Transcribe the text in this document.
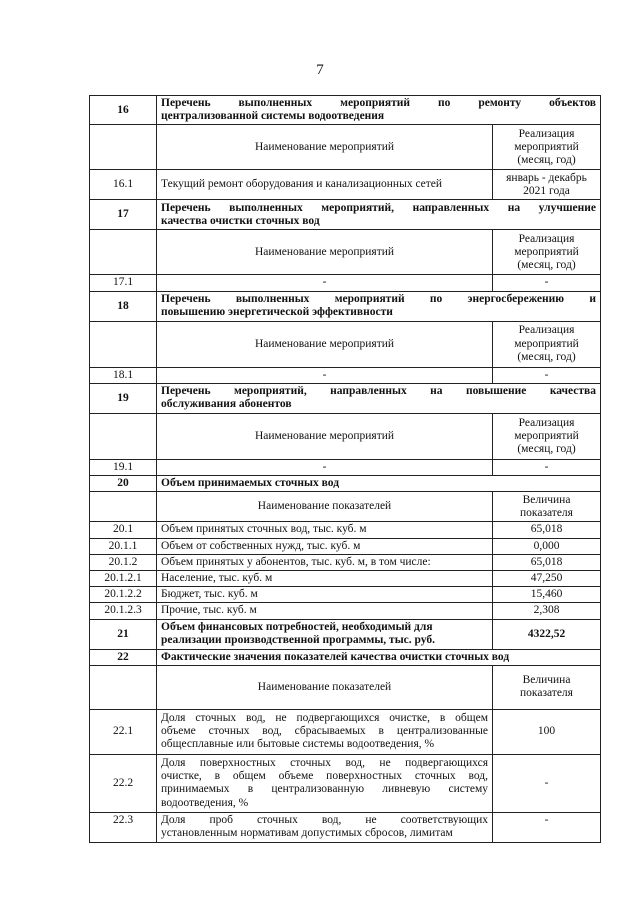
7
16	Перечень выполненных мероприятий по ремонту объектов
централизованной системы водоотведения	

	Наименование мероприятий	Реализация
мероприятий
(месяц, год)

16.1	Текущий ремонт оборудования и канализационных сетей	январь - декабрь
2021 года

17	Перечень выполненных мероприятий, направленных на улучшение
качества очистки сточных вод	

	Наименование мероприятий	Реализация
мероприятий
(месяц, год)

17.1	-	-

18	Перечень выполненных мероприятий по энергосбережению и
повышению энергетической эффективности	

	Наименование мероприятий	Реализация
мероприятий
(месяц, год)

18.1	-	-

19	Перечень мероприятий, направленных на повышение качества
обслуживания абонентов	

	Наименование мероприятий	Реализация
мероприятий
(месяц, год)

19.1	-	-

20	Объем принимаемых сточных вод	
	Наименование показателей	Величина
показателя

20.1	Объем принятых сточных вод, тыс. куб. м	65,018

20.1.1	Объем от собственных нужд, тыс. куб. м	0,000

20.1.2	Объем принятых у абонентов, тыс. куб. м, в том числе:	65,018

20.1.2.1	Население, тыс. куб. м	47,250

20.1.2.2	Бюджет, тыс. куб. м	15,460

20.1.2.3	Прочие, тыс. куб. м	2,308

21	Объем финансовых потребностей, необходимый для
реализации производственной программы, тыс. руб.	4322,52
22	Фактические значения показателей качества очистки сточных вод	
	Наименование показателей	Величина
показателя

22.1	Доля сточных вод, не подвергающихся очистке, в общем
объеме сточных вод, сбрасываемых в централизованные
общесплавные или бытовые системы водоотведения, %	100

22.2	Доля поверхностных сточных вод, не подвергающихся
очистке, в общем объеме поверхностных сточных вод,
принимаемых в централизованную ливневую систему
водоотведения, %	-

22.3	Доля проб сточных вод, не соответствующих
установленным нормативам допустимых сбросов, лимитам	-
